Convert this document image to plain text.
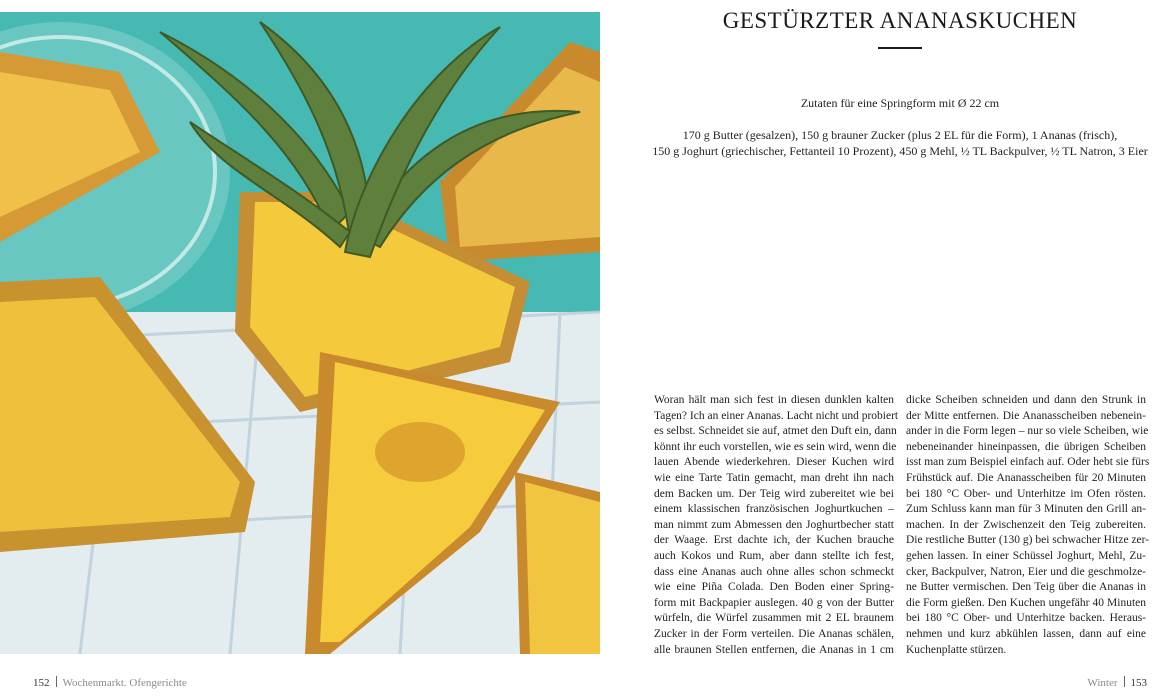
GESTÜRZTER ANANASKUCHEN
Zutaten für eine Springform mit Ø 22 cm
170 g Butter (gesalzen), 150 g brauner Zucker (plus 2 EL für die Form), 1 Ananas (frisch),
150 g Joghurt (griechischer, Fettanteil 10 Prozent), 450 g Mehl, ½ TL Backpulver, ½ TL Natron, 3 Eier
Woran hält man sich fest in diesen dunklen kalten
Tagen? Ich an einer Ananas. Lacht nicht und probiert
es selbst. Schneidet sie auf, atmet den Duft ein, dann
könnt ihr euch vorstellen, wie es sein wird, wenn die
lauen Abende wiederkehren. Dieser Kuchen wird
wie eine Tarte Tatin gemacht, man dreht ihn nach
dem Backen um. Der Teig wird zubereitet wie bei
einem klassischen französischen Joghurtkuchen –
man nimmt zum Abmessen den Joghurtbecher statt
der Waage. Erst dachte ich, der Kuchen brauche
auch Kokos und Rum, aber dann stellte ich fest,
dass eine Ananas auch ohne alles schon schmeckt
wie eine Piña Colada. Den Boden einer Spring-
form mit Backpapier auslegen. 40 g von der Butter
würfeln, die Würfel zusammen mit 2 EL braunem
Zucker in der Form verteilen. Die Ananas schälen,
alle braunen Stellen entfernen, die Ananas in 1 cm
dicke Scheiben schneiden und dann den Strunk in
der Mitte entfernen. Die Ananasscheiben nebenein-
ander in die Form legen – nur so viele Scheiben, wie
nebeneinander hineinpassen, die übrigen Scheiben
isst man zum Beispiel einfach auf. Oder hebt sie fürs
Frühstück auf. Die Ananasscheiben für 20 Minuten
bei 180 °C Ober- und Unterhitze im Ofen rösten.
Zum Schluss kann man für 3 Minuten den Grill an-
machen. In der Zwischenzeit den Teig zubereiten.
Die restliche Butter (130 g) bei schwacher Hitze zer-
gehen lassen. In einer Schüssel Joghurt, Mehl, Zu-
cker, Backpulver, Natron, Eier und die geschmolze-
ne Butter vermischen. Den Teig über die Ananas in
die Form gießen. Den Kuchen ungefähr 40 Minuten
bei 180 °C Ober- und Unterhitze backen. Heraus-
nehmen und kurz abkühlen lassen, dann auf eine
Kuchenplatte stürzen.
152 Wochenmarkt. Ofengerichte	Winter 153
